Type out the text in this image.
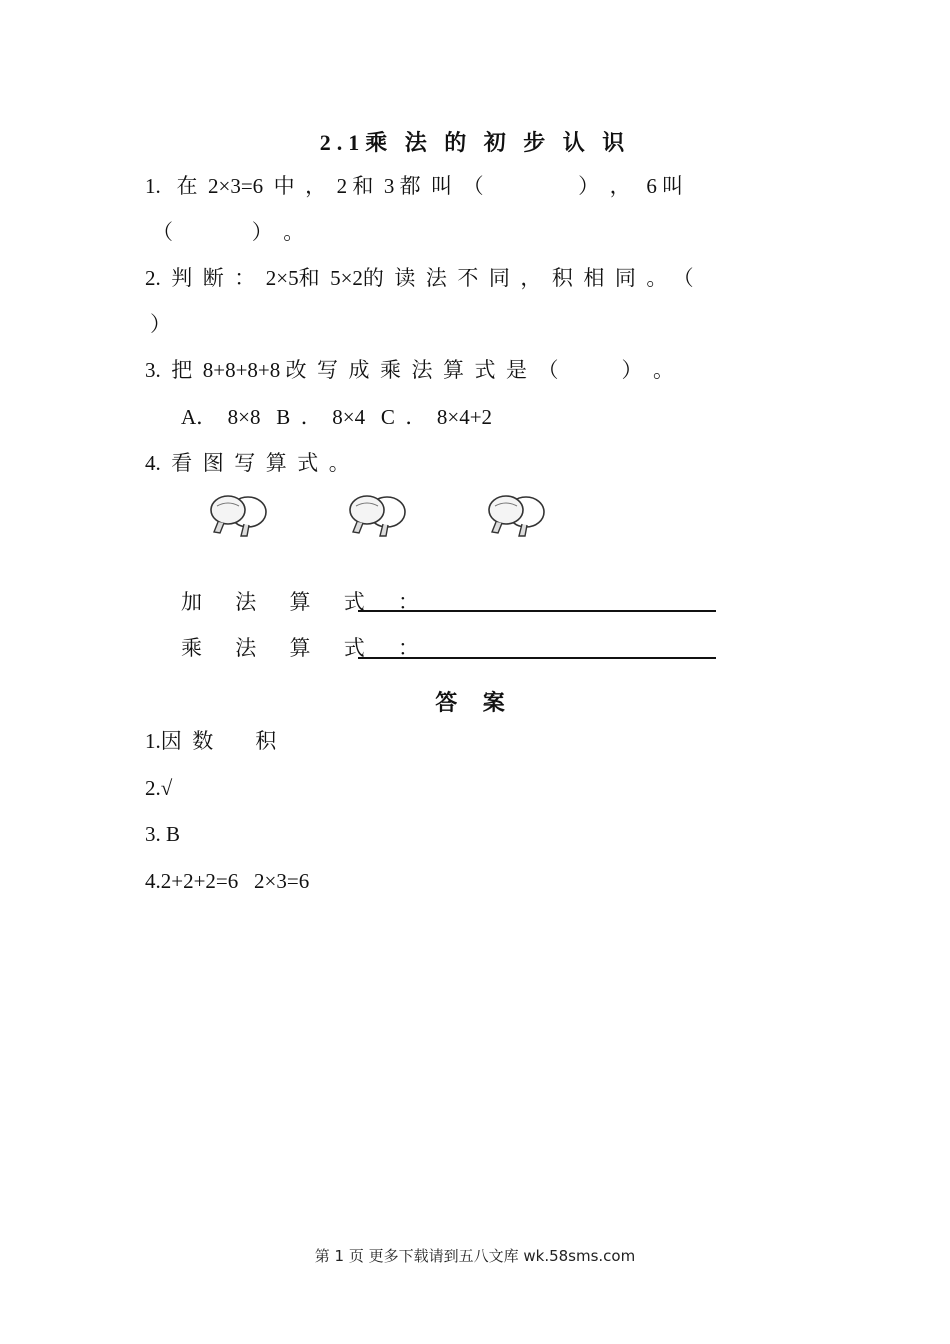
2.1乘 法 的 初 步 认 识
1.   在  2×3=6  中  ，  2 和  3 都  叫  （                  ）  ，   6 叫
（               ）  。
2.  判  断  ：  2×5和  5×2的  读  法  不  同  ，  积  相  同  。 （
）
3.  把  8+8+8+8 改  写  成  乘  法  算  式  是  （            ）  。
A．  8×8   B  ．  8×4   C  ．  8×4+2
4.  看  图  写  算  式  。
加 法 算 式 ：
乘 法 算 式 ：
答 案
1.因  数        积
2.√
3. B
4.2+2+2=6   2×3=6
第 1 页 更多下载请到五八文库 wk.58sms.com
